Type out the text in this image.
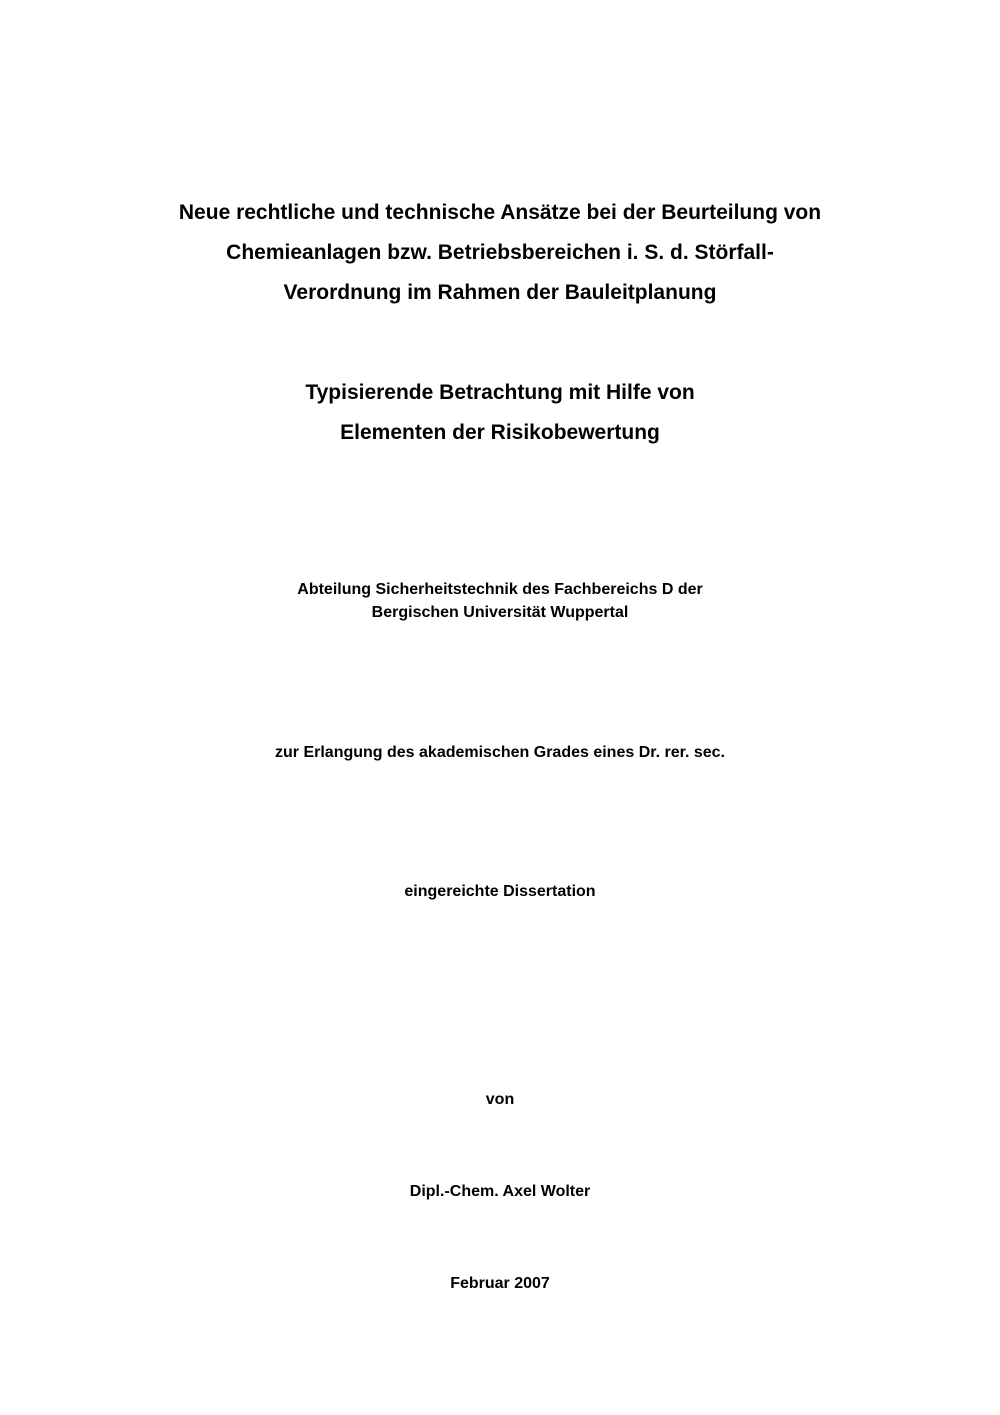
Neue rechtliche und technische Ansätze bei der Beurteilung von
Chemieanlagen bzw. Betriebsbereichen i. S. d. Störfall-
Verordnung im Rahmen der Bauleitplanung
Typisierende Betrachtung mit Hilfe von
Elementen der Risikobewertung
Abteilung Sicherheitstechnik des Fachbereichs D der
Bergischen Universität Wuppertal
zur Erlangung des akademischen Grades eines Dr. rer. sec.
eingereichte Dissertation
von
Dipl.-Chem. Axel Wolter
Februar 2007
